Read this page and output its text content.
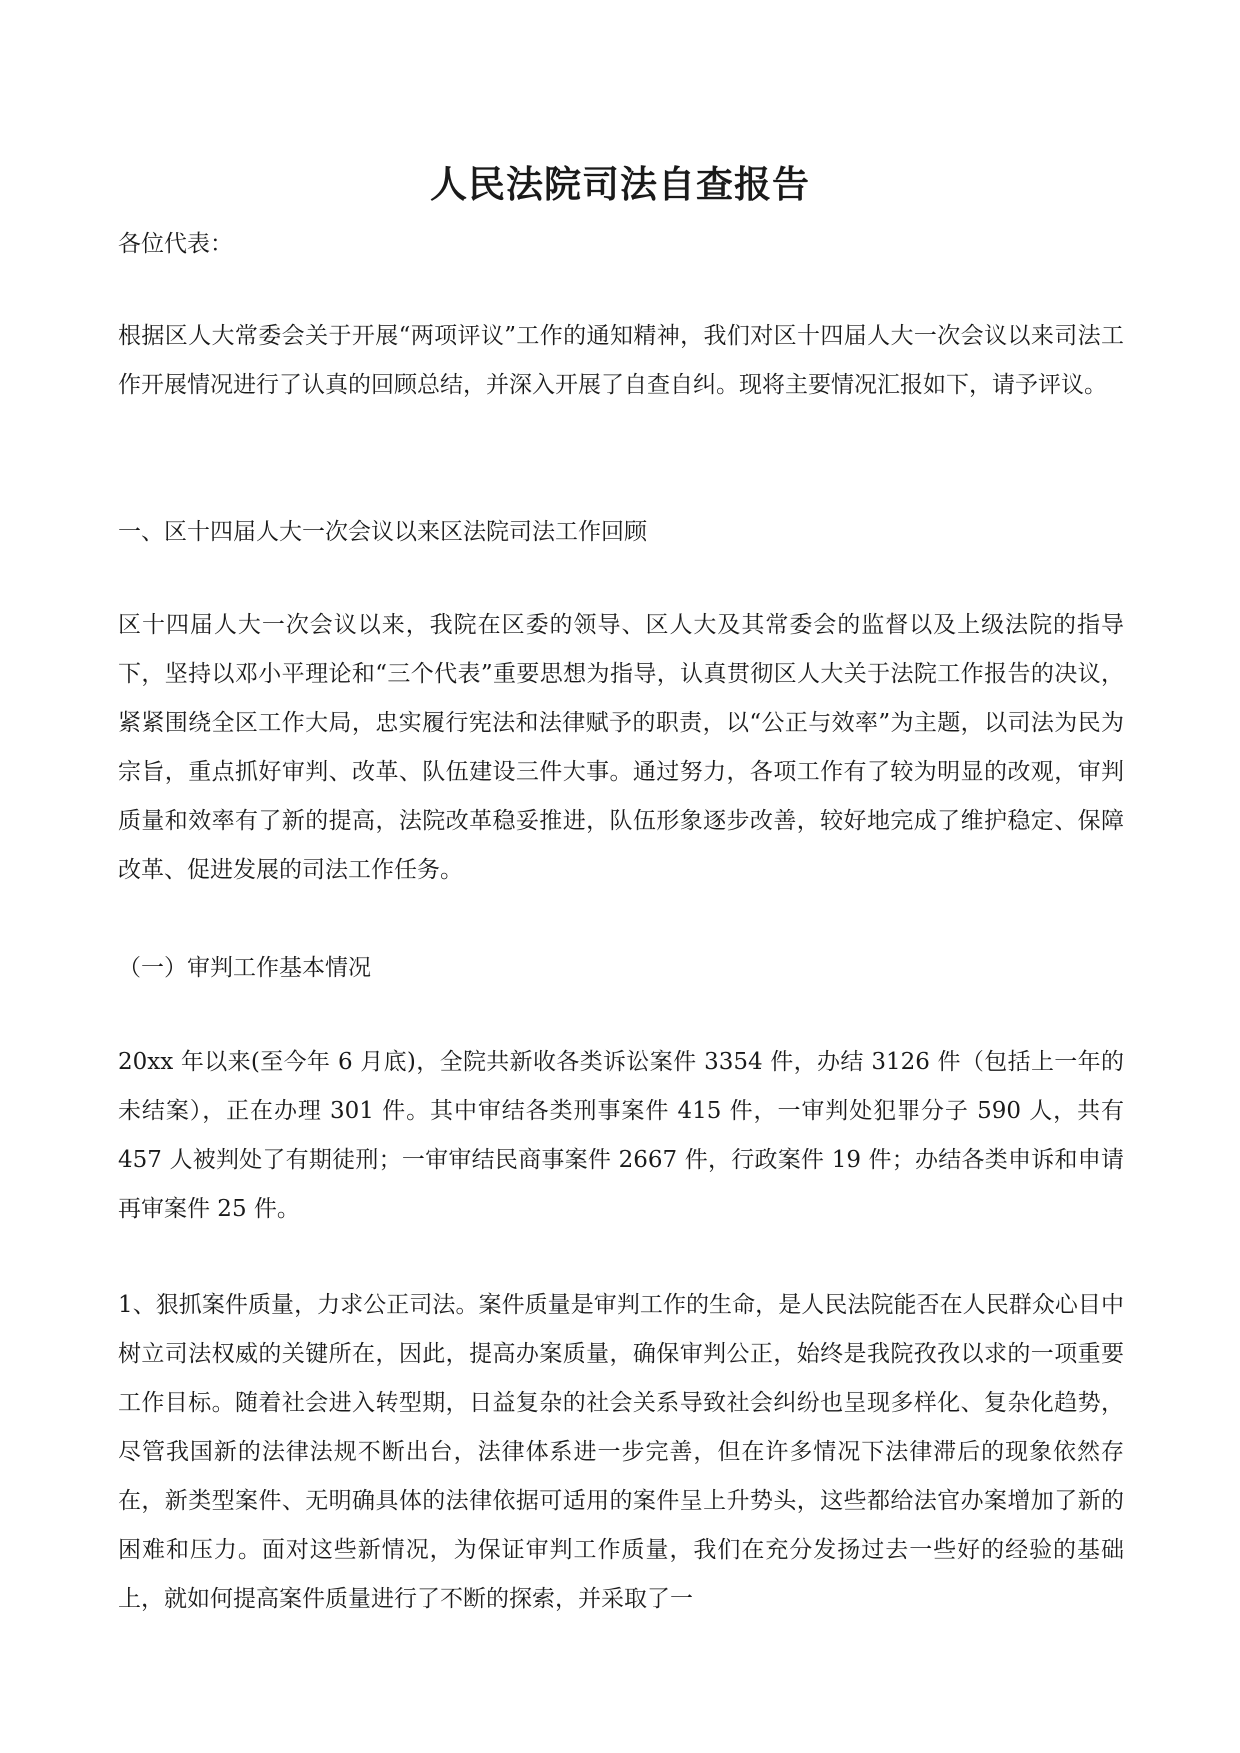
人民法院司法自查报告

各位代表：

根据区人大常委会关于开展“两项评议”工作的通知精神，我们对区十四届人大一次会议以来司法工作开展情况进行了认真的回顾总结，并深入开展了自查自纠。现将主要情况汇报如下，请予评议。

一、区十四届人大一次会议以来区法院司法工作回顾

区十四届人大一次会议以来，我院在区委的领导、区人大及其常委会的监督以及上级法院的指导下，坚持以邓小平理论和“三个代表”重要思想为指导，认真贯彻区人大关于法院工作报告的决议，紧紧围绕全区工作大局，忠实履行宪法和法律赋予的职责，以“公正与效率”为主题，以司法为民为宗旨，重点抓好审判、改革、队伍建设三件大事。通过努力，各项工作有了较为明显的改观，审判质量和效率有了新的提高，法院改革稳妥推进，队伍形象逐步改善，较好地完成了维护稳定、保障改革、促进发展的司法工作任务。

（一）审判工作基本情况

20xx 年以来(至今年 6 月底)，全院共新收各类诉讼案件 3354 件，办结 3126 件（包括上一年的未结案），正在办理 301 件。其中审结各类刑事案件 415 件，一审判处犯罪分子 590 人，共有 457 人被判处了有期徒刑；一审审结民商事案件 2667 件，行政案件 19 件；办结各类申诉和申请再审案件 25 件。

1、狠抓案件质量，力求公正司法。案件质量是审判工作的生命，是人民法院能否在人民群众心目中树立司法权威的关键所在，因此，提高办案质量，确保审判公正，始终是我院孜孜以求的一项重要工作目标。随着社会进入转型期，日益复杂的社会关系导致社会纠纷也呈现多样化、复杂化趋势，尽管我国新的法律法规不断出台，法律体系进一步完善，但在许多情况下法律滞后的现象依然存在，新类型案件、无明确具体的法律依据可适用的案件呈上升势头，这些都给法官办案增加了新的困难和压力。面对这些新情况，为保证审判工作质量，我们在充分发扬过去一些好的经验的基础上，就如何提高案件质量进行了不断的探索，并采取了一
